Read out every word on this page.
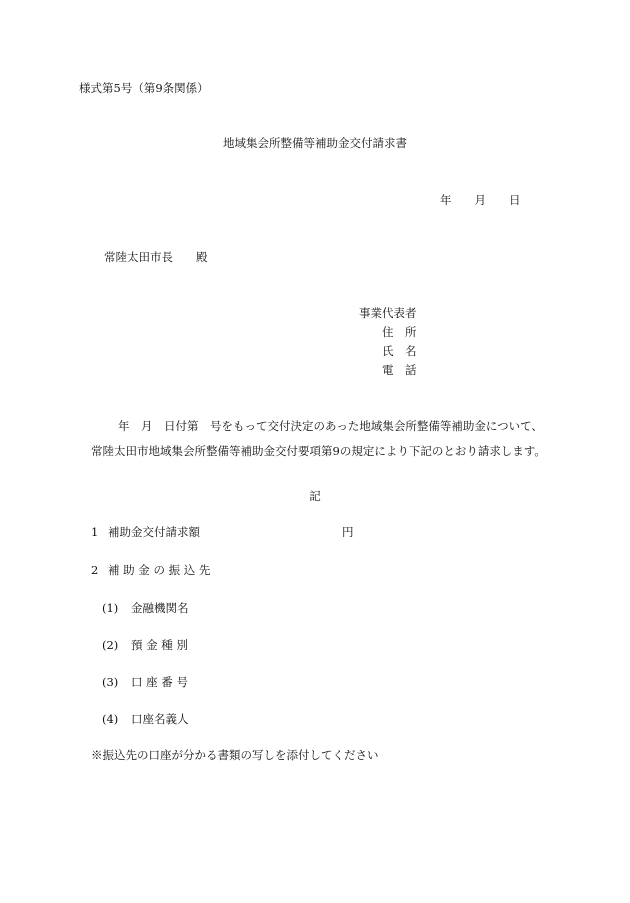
様式第5号（第9条関係）
地域集会所整備等補助金交付請求書
年　　月　　日
常陸太田市長　　殿
事業代表者
住　所
氏　名
電　話
年　月　日付第　号をもって交付決定のあった地域集会所整備等補助金について、
常陸太田市地域集会所整備等補助金交付要項第9の規定により下記のとおり請求します。
記
1 補助金交付請求額	円
2 補 助 金 の 振 込 先
(1) 金融機関名
(2) 預 金 種 別
(3) 口 座 番 号
(4) 口座名義人
※振込先の口座が分かる書類の写しを添付してください
